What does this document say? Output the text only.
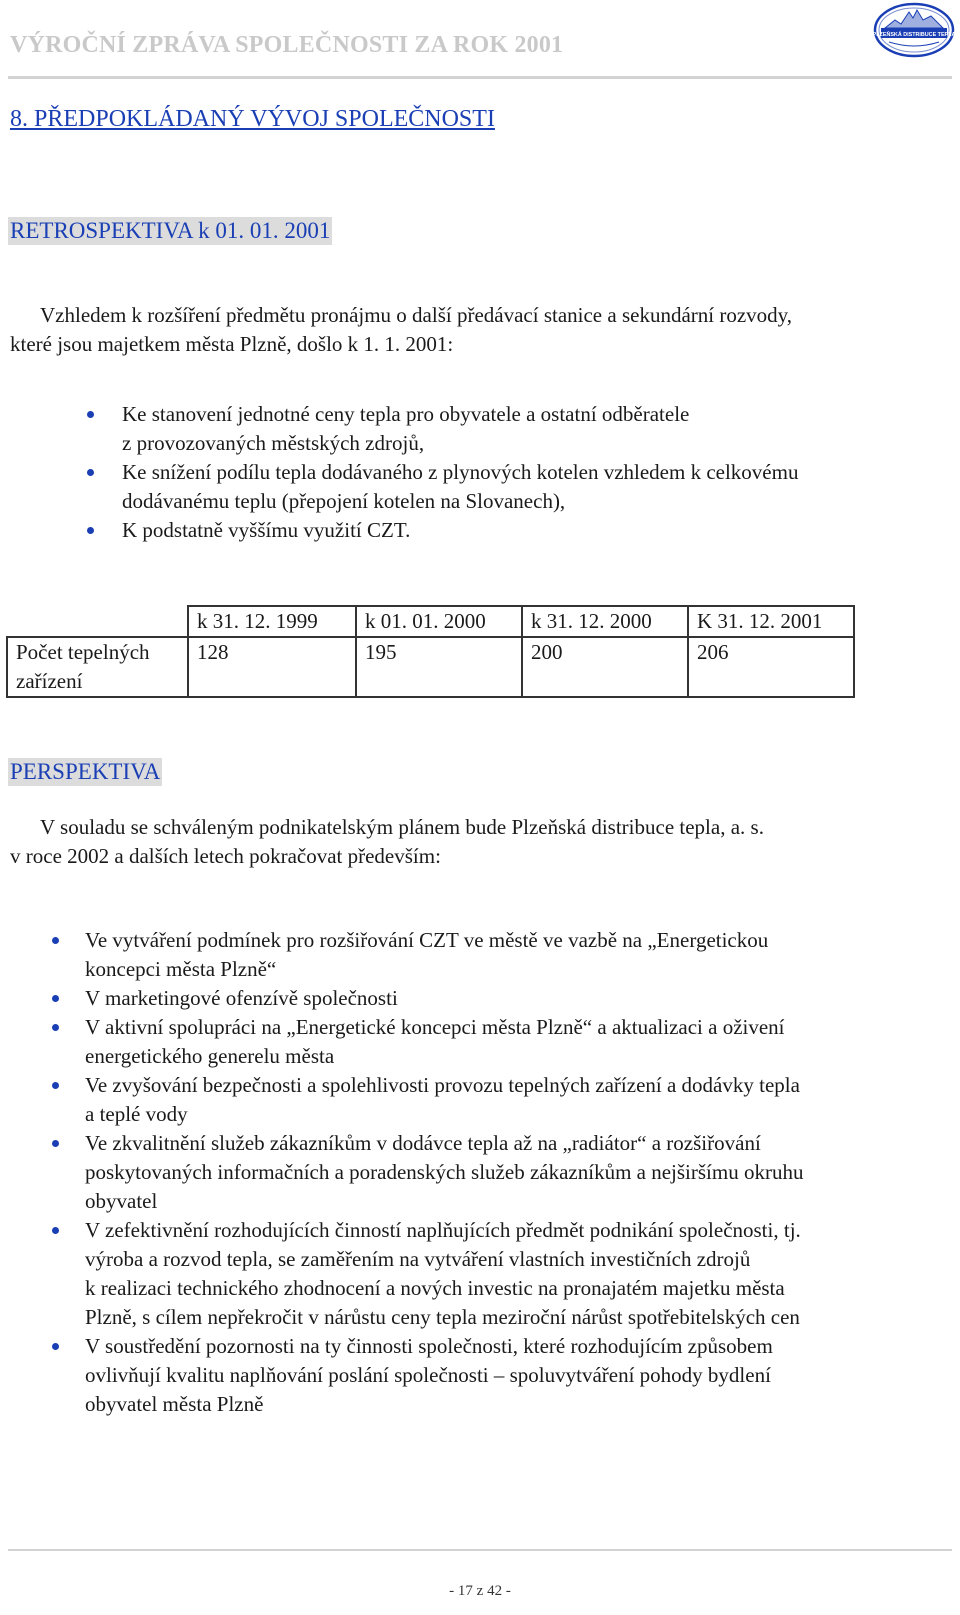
VÝROČNÍ ZPRÁVA SPOLEČNOSTI ZA ROK 2001	PLZEŇSKÁ DISTRIBUCE TEPLA
8. PŘEDPOKLÁDANÝ VÝVOJ SPOLEČNOSTI
RETROSPEKTIVA k 01. 01. 2001
Vzhledem k rozšíření předmětu pronájmu o další předávací stanice a sekundární rozvody,
které jsou majetkem města Plzně, došlo k 1. 1. 2001:
Ke stanovení jednotné ceny tepla pro obyvatele a ostatní odběratele
z provozovaných městských zdrojů,
Ke snížení podílu tepla dodávaného z plynových kotelen vzhledem k celkovému
dodávanému teplu (přepojení kotelen na Slovanech),
K podstatně vyššímu využití CZT.
	k 31. 12. 1999	k 01. 01. 2000	k 31. 12. 2000	K 31. 12. 2001
Počet tepelných
zařízení	128	195	200	206
PERSPEKTIVA
V souladu se schváleným podnikatelským plánem bude Plzeňská distribuce tepla, a. s.
v roce 2002 a dalších letech pokračovat především:
Ve vytváření podmínek pro rozšiřování CZT ve městě ve vazbě na „Energetickou
koncepci města Plzně“
V marketingové ofenzívě společnosti
V aktivní spolupráci na „Energetické koncepci města Plzně“ a aktualizaci a oživení
energetického generelu města
Ve zvyšování bezpečnosti a spolehlivosti provozu tepelných zařízení a dodávky tepla
a teplé vody
Ve zkvalitnění služeb zákazníkům v dodávce tepla až na „radiátor“ a rozšiřování
poskytovaných informačních a poradenských služeb zákazníkům a nejširšímu okruhu
obyvatel
V zefektivnění rozhodujících činností naplňujících předmět podnikání společnosti, tj.
výroba a rozvod tepla, se zaměřením na vytváření vlastních investičních zdrojů
k realizaci technického zhodnocení a nových investic na pronajatém majetku města
Plzně, s cílem nepřekročit v nárůstu ceny tepla meziroční nárůst spotřebitelských cen
V soustředění pozornosti na ty činnosti společnosti, které rozhodujícím způsobem
ovlivňují kvalitu naplňování poslání společnosti – spoluvytváření pohody bydlení
obyvatel města Plzně
- 17 z 42 -
